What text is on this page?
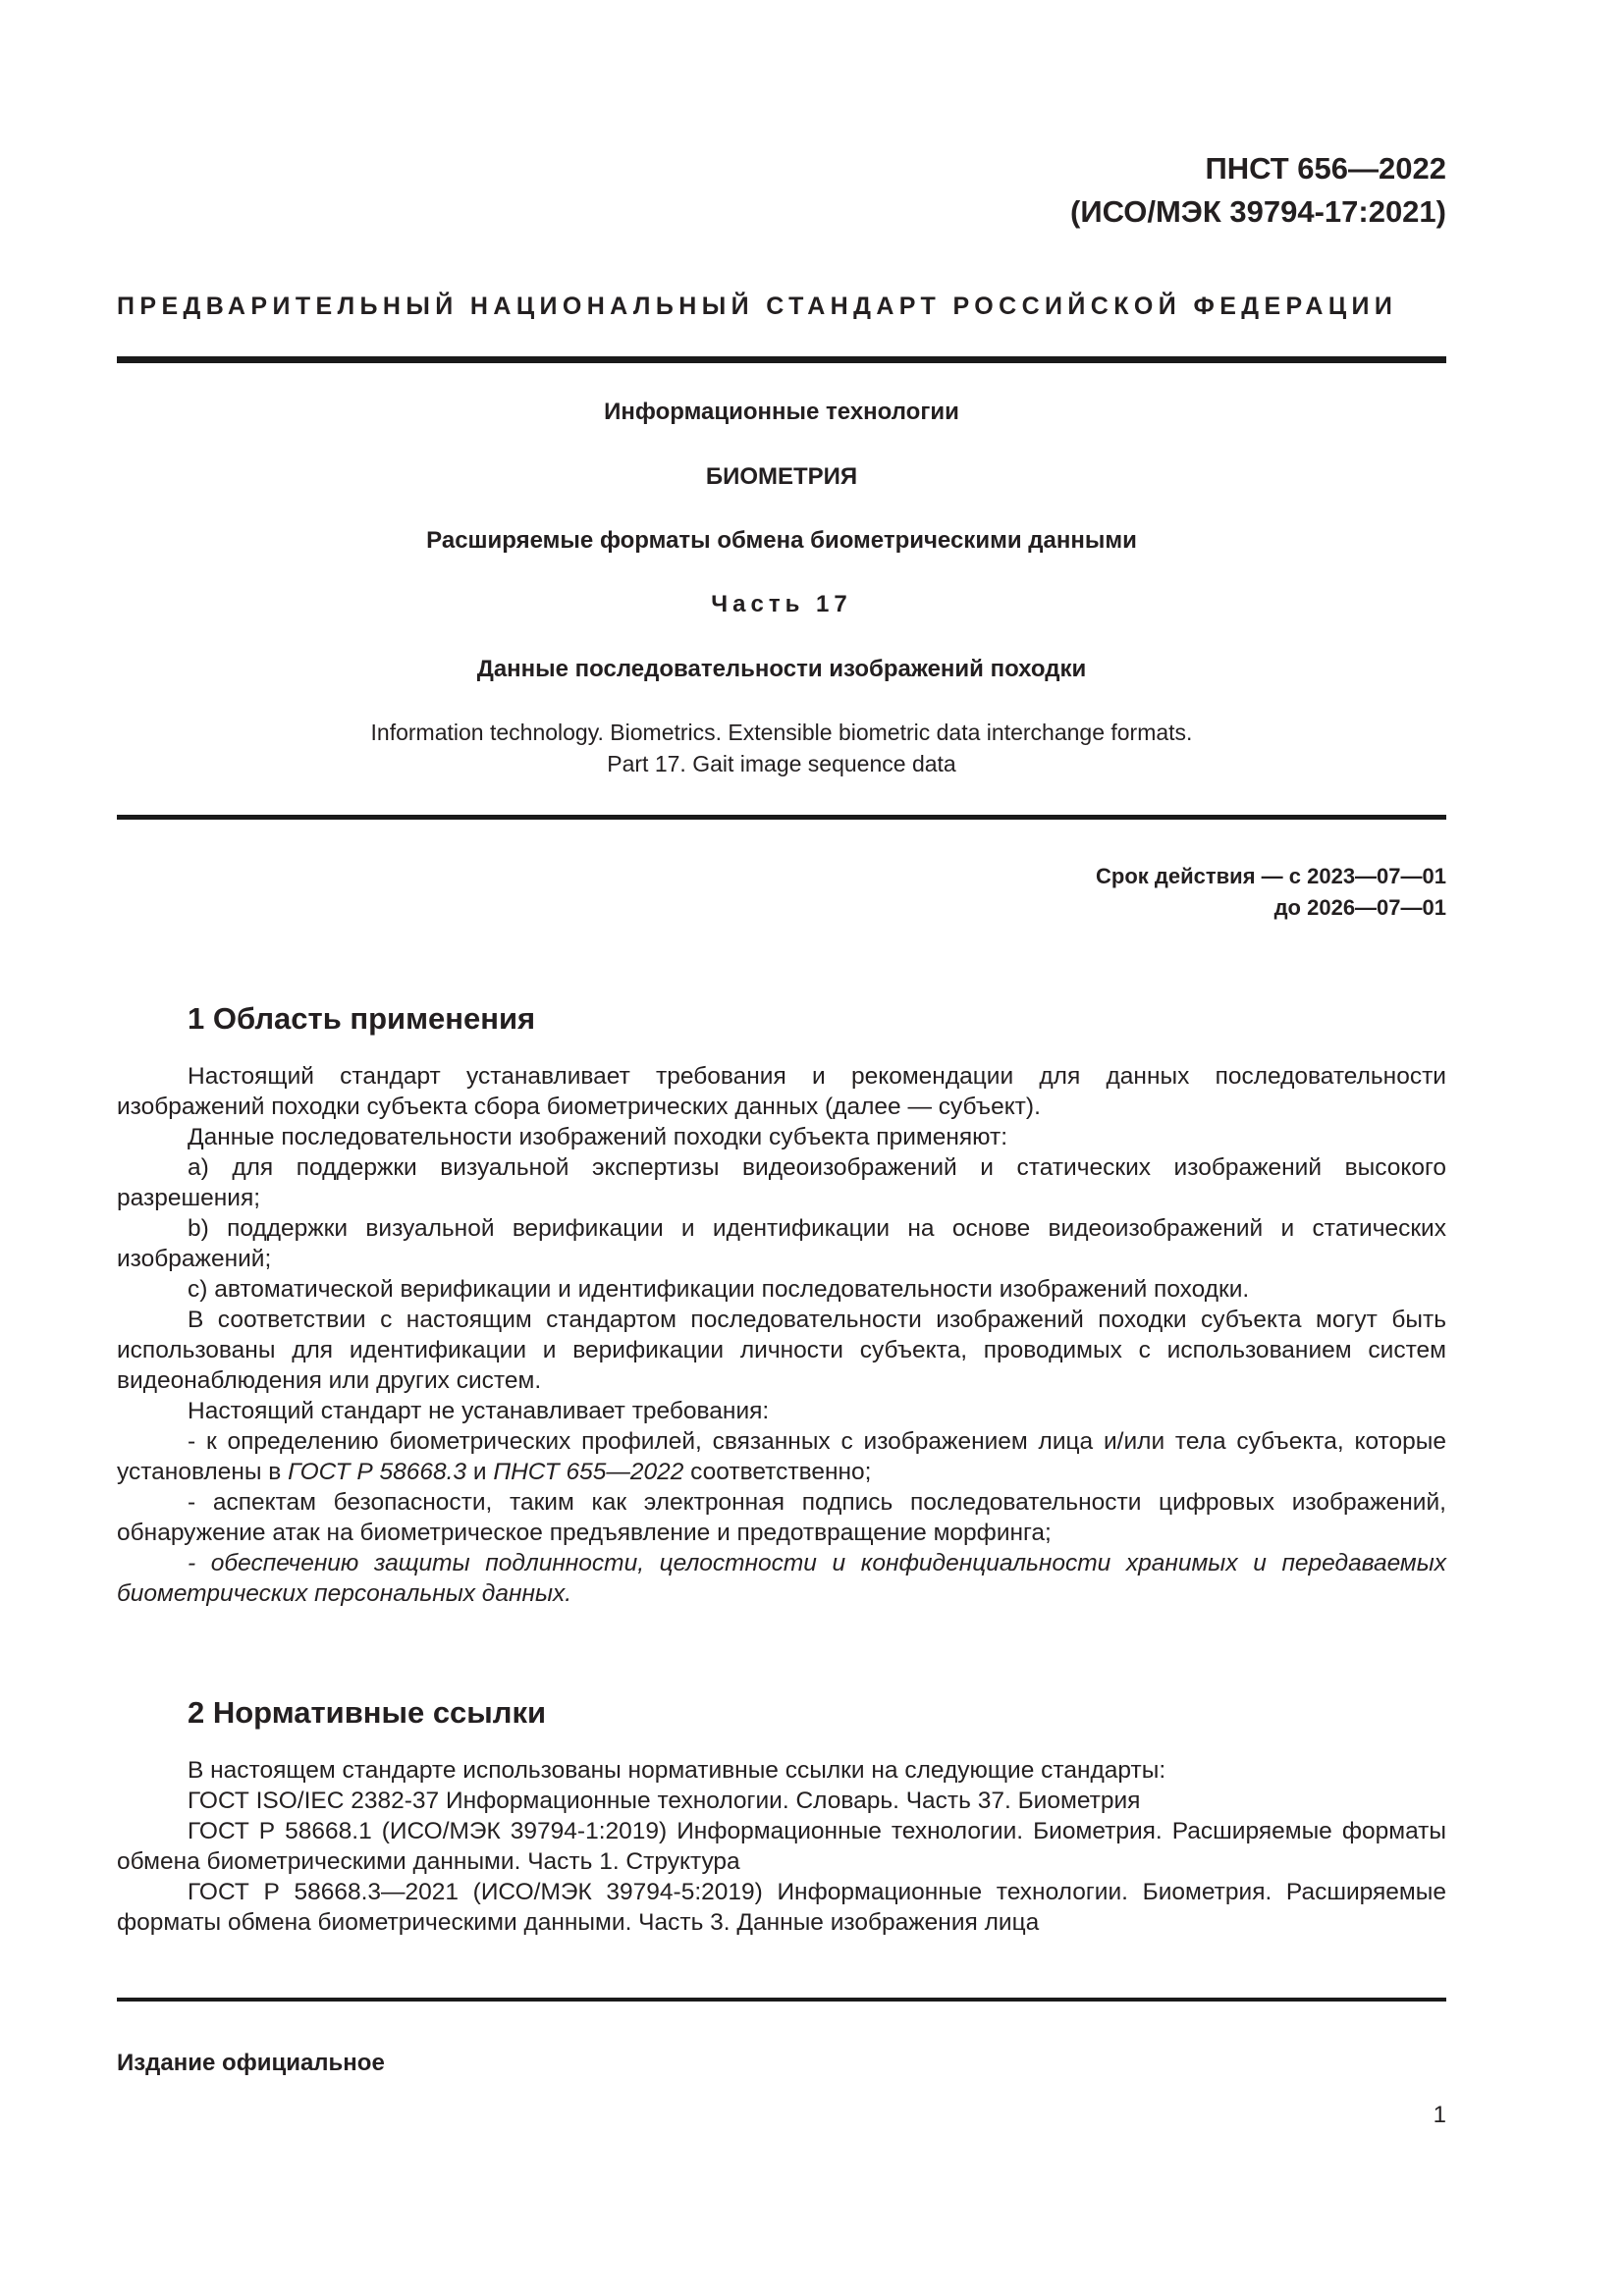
ПНСТ 656—2022
(ИСО/МЭК 39794-17:2021)
ПРЕДВАРИТЕЛЬНЫЙ НАЦИОНАЛЬНЫЙ СТАНДАРТ РОССИЙСКОЙ ФЕДЕРАЦИИ
Информационные технологии
БИОМЕТРИЯ
Расширяемые форматы обмена биометрическими данными
Часть 17
Данные последовательности изображений походки
Information technology. Biometrics. Extensible biometric data interchange formats.
Part 17. Gait image sequence data
Срок действия — с 2023—07—01
до 2026—07—01
1 Область применения

Настоящий стандарт устанавливает требования и рекомендации для данных последовательности изображений походки субъекта сбора биометрических данных (далее — субъект).

Данные последовательности изображений походки субъекта применяют:

a) для поддержки визуальной экспертизы видеоизображений и статических изображений высокого разрешения;

b) поддержки визуальной верификации и идентификации на основе видеоизображений и статических изображений;

c) автоматической верификации и идентификации последовательности изображений походки.

В соответствии с настоящим стандартом последовательности изображений походки субъекта могут быть использованы для идентификации и верификации личности субъекта, проводимых с использованием систем видеонаблюдения или других систем.

Настоящий стандарт не устанавливает требования:

- к определению биометрических профилей, связанных с изображением лица и/или тела субъекта, которые установлены в ГОСТ Р 58668.3 и ПНСТ 655—2022 соответственно;

- аспектам безопасности, таким как электронная подпись последовательности цифровых изображений, обнаружение атак на биометрическое предъявление и предотвращение морфинга;

- обеспечению защиты подлинности, целостности и конфиденциальности хранимых и передаваемых биометрических персональных данных.

2 Нормативные ссылки

В настоящем стандарте использованы нормативные ссылки на следующие стандарты:

ГОСТ ISO/IEC 2382-37 Информационные технологии. Словарь. Часть 37. Биометрия

ГОСТ Р 58668.1 (ИСО/МЭК 39794-1:2019) Информационные технологии. Биометрия. Расширяемые форматы обмена биометрическими данными. Часть 1. Структура

ГОСТ Р 58668.3—2021 (ИСО/МЭК 39794-5:2019) Информационные технологии. Биометрия. Расширяемые форматы обмена биометрическими данными. Часть 3. Данные изображения лица

Издание официальное
1
